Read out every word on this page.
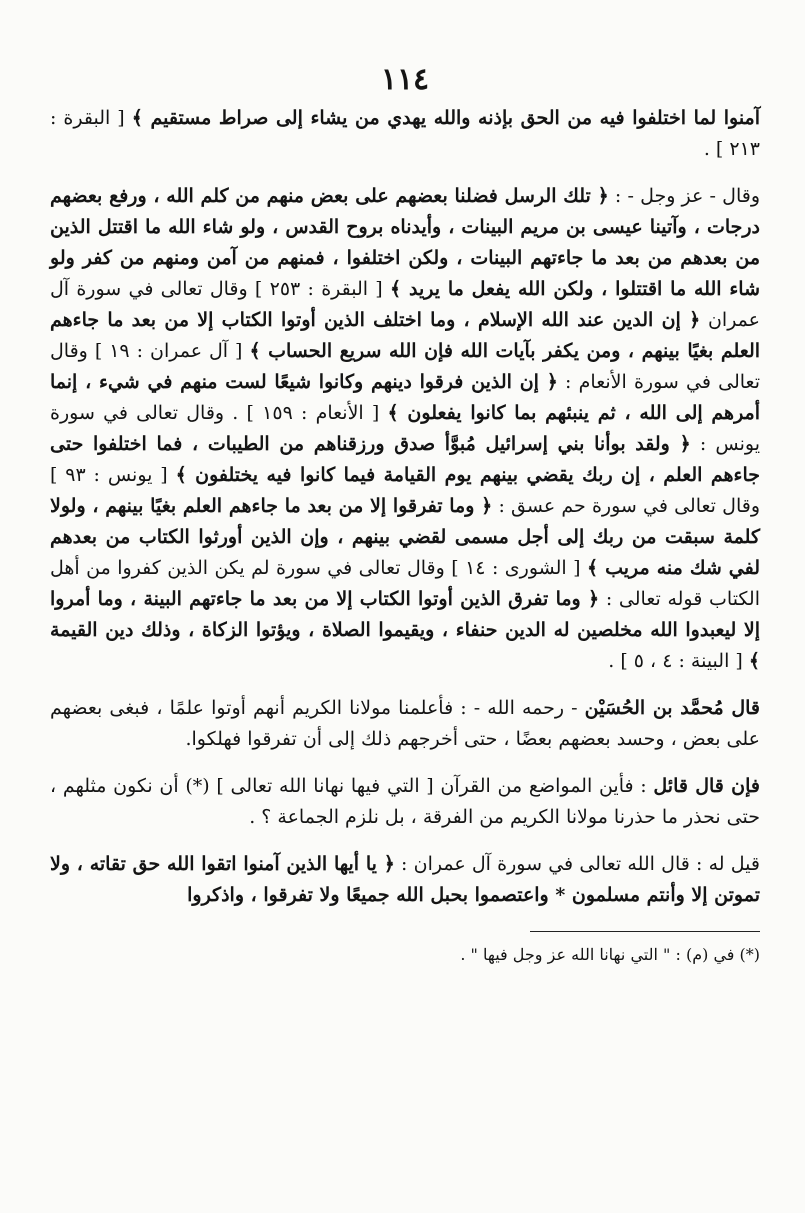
١١٤

آمنوا لما اختلفوا فيه من الحق بإذنه والله يهدي من يشاء إلى صراط مستقيم ﴾ [ البقرة : ٢١٣ ] .

وقال - عز وجل - : ﴿ تلك الرسل فضلنا بعضهم على بعض منهم من كلم الله ، ورفع بعضهم درجات ، وآتينا عيسى بن مريم البينات ، وأيدناه بروح القدس ، ولو شاء الله ما اقتتل الذين من بعدهم من بعد ما جاءتهم البينات ، ولكن اختلفوا ، فمنهم من آمن ومنهم من كفر ولو شاء الله ما اقتتلوا ، ولكن الله يفعل ما يريد ﴾ [ البقرة : ٢٥٣ ] وقال تعالى في سورة آل عمران ﴿ إن الدين عند الله الإسلام ، وما اختلف الذين أوتوا الكتاب إلا من بعد ما جاءهم العلم بغيًا بينهم ، ومن يكفر بآيات الله فإن الله سريع الحساب ﴾ [ آل عمران : ١٩ ] وقال تعالى في سورة الأنعام : ﴿ إن الذين فرقوا دينهم وكانوا شيعًا لست منهم في شيء ، إنما أمرهم إلى الله ، ثم ينبئهم بما كانوا يفعلون ﴾ [ الأنعام : ١٥٩ ] . وقال تعالى في سورة يونس : ﴿ ولقد بوأنا بني إسرائيل مُبوَّأ صدق ورزقناهم من الطيبات ، فما اختلفوا حتى جاءهم العلم ، إن ربك يقضي بينهم يوم القيامة فيما كانوا فيه يختلفون ﴾ [ يونس : ٩٣ ] وقال تعالى في سورة حم عسق : ﴿ وما تفرقوا إلا من بعد ما جاءهم العلم بغيًا بينهم ، ولولا كلمة سبقت من ربك إلى أجل مسمى لقضي بينهم ، وإن الذين أورثوا الكتاب من بعدهم لفي شك منه مريب ﴾ [ الشورى : ١٤ ] وقال تعالى في سورة لم يكن الذين كفروا من أهل الكتاب قوله تعالى : ﴿ وما تفرق الذين أوتوا الكتاب إلا من بعد ما جاءتهم البينة ، وما أمروا إلا ليعبدوا الله مخلصين له الدين حنفاء ، ويقيموا الصلاة ، ويؤتوا الزكاة ، وذلك دين القيمة ﴾ [ البينة : ٤ ، ٥ ] .

قال مُحمَّد بن الحُسَيْن - رحمه الله - : فأعلمنا مولانا الكريم أنهم أوتوا علمًا ، فبغى بعضهم على بعض ، وحسد بعضهم بعضًا ، حتى أخرجهم ذلك إلى أن تفرقوا فهلكوا.

فإن قال قائل : فأين المواضع من القرآن [ التي فيها نهانا الله تعالى ] (*) أن نكون مثلهم ، حتى نحذر ما حذرنا مولانا الكريم من الفرقة ، بل نلزم الجماعة ؟ .

قيل له : قال الله تعالى في سورة آل عمران : ﴿ يا أيها الذين آمنوا اتقوا الله حق تقاته ، ولا تموتن إلا وأنتم مسلمون * واعتصموا بحبل الله جميعًا ولا تفرقوا ، واذكروا

(*) في (م) : " التي نهانا الله عز وجل فيها " .
